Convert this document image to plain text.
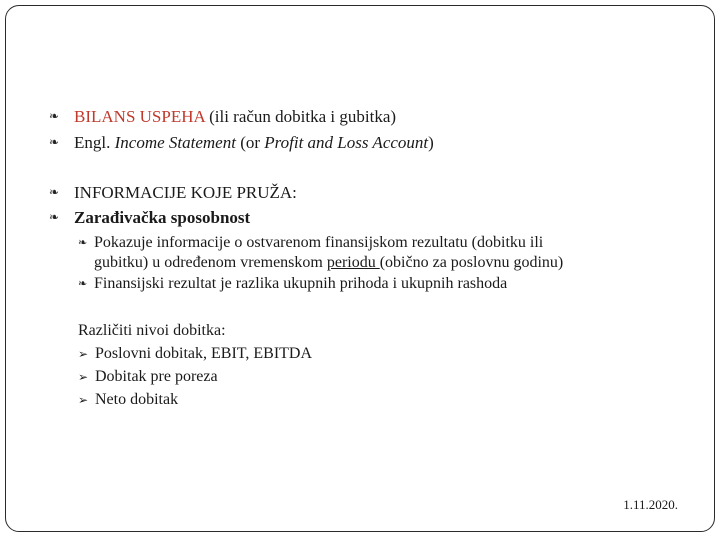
❧ BILANS USPEHA (ili račun dobitka i gubitka)
❧ Engl. Income Statement (or Profit and Loss Account)
❧ INFORMACIJE KOJE PRUŽA:
❧ Zarađivačka sposobnost
❧ Pokazuje informacije o ostvarenom finansijskom rezultatu (dobitku ili
gubitku) u određenom vremenskom periodu (obično za poslovnu godinu)
❧ Finansijski rezultat je razlika ukupnih prihoda i ukupnih rashoda
Različiti nivoi dobitka:
➢ Poslovni dobitak, EBIT, EBITDA
➢ Dobitak pre poreza
➢ Neto dobitak
1.11.2020.
